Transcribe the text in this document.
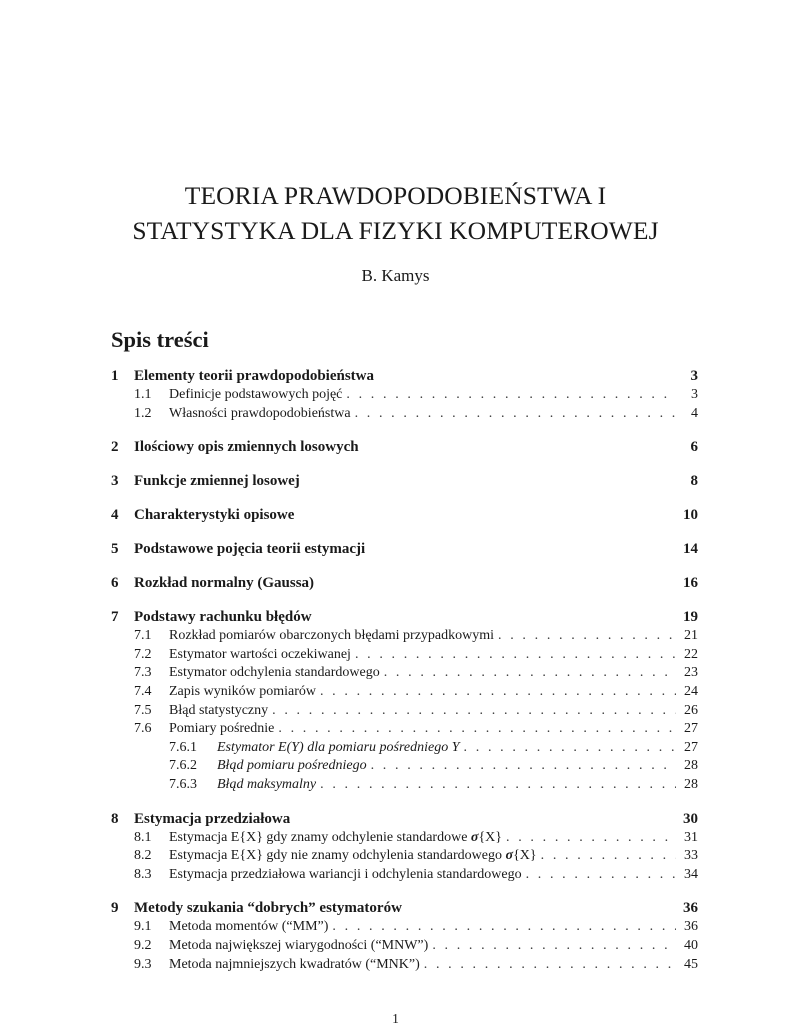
TEORIA PRAWDOPODOBIEŃSTWA I
STATYSTYKA DLA FIZYKI KOMPUTEROWEJ
B. Kamys
Spis treści
1	Elementy teorii prawdopodobieństwa	3
1.1	Definicje podstawowych pojęć . . .	3
1.2	Własności prawdopodobieństwa . . .	4
2	Ilościowy opis zmiennych losowych	6
3	Funkcje zmiennej losowej	8
4	Charakterystyki opisowe	10
5	Podstawowe pojęcia teorii estymacji	14
6	Rozkład normalny (Gaussa)	16
7	Podstawy rachunku błędów	19
7.1	Rozkład pomiarów obarczonych błędami przypadkowymi . . .	21
7.2	Estymator wartości oczekiwanej . . .	22
7.3	Estymator odchylenia standardowego . . .	23
7.4	Zapis wyników pomiarów . . .	24
7.5	Błąd statystyczny . . .	26
7.6	Pomiary pośrednie . . .	27
7.6.1	Estymator E(Y) dla pomiaru pośredniego Y . . .	27
7.6.2	Błąd pomiaru pośredniego . . .	28
7.6.3	Błąd maksymalny . . .	28
8	Estymacja przedziałowa	30
8.1	Estymacja E{X} gdy znamy odchylenie standardowe σ{X} . . .	31
8.2	Estymacja E{X} gdy nie znamy odchylenia standardowego σ{X} . . .	33
8.3	Estymacja przedziałowa wariancji i odchylenia standardowego . . .	34
9	Metody szukania “dobrych” estymatorów	36
9.1	Metoda momentów (“MM”) . . .	36
9.2	Metoda największej wiarygodności (“MNW”) . . .	40
9.3	Metoda najmniejszych kwadratów (“MNK”) . . .	45
1
